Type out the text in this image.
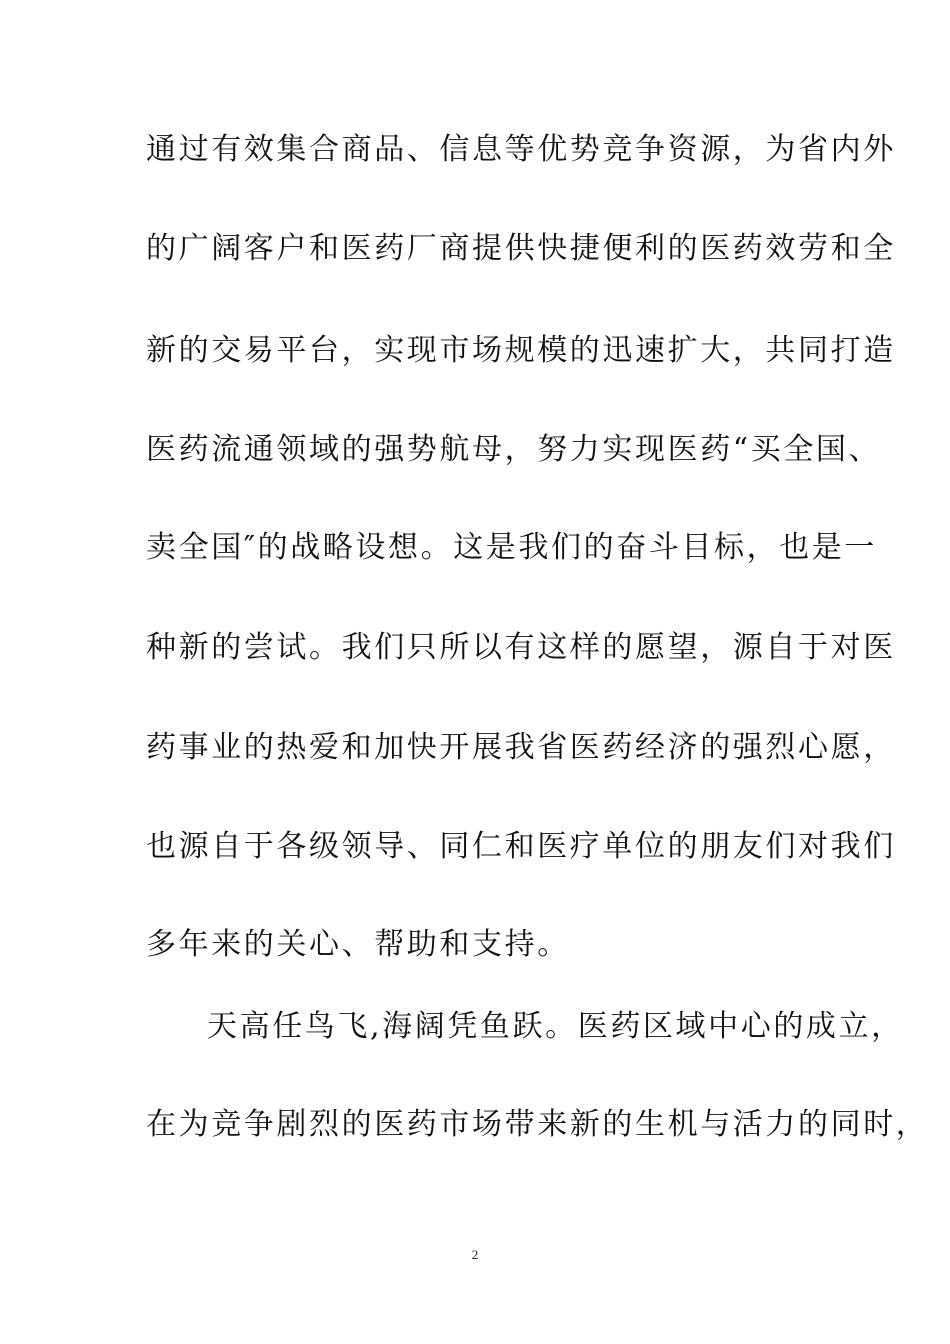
通过有效集合商品、信息等优势竞争资源，为省内外
的广阔客户和医药厂商提供快捷便利的医药效劳和全
新的交易平台，实现市场规模的迅速扩大，共同打造
医药流通领域的强势航母，努力实现医药“买全国、
卖全国″的战略设想。这是我们的奋斗目标，也是一
种新的尝试。我们只所以有这样的愿望，源自于对医
药事业的热爱和加快开展我省医药经济的强烈心愿，
也源自于各级领导、同仁和医疗单位的朋友们对我们
多年来的关心、帮助和支持。
天高任鸟飞,海阔凭鱼跃。医药区域中心的成立，
在为竞争剧烈的医药市场带来新的生机与活力的同时，
2
